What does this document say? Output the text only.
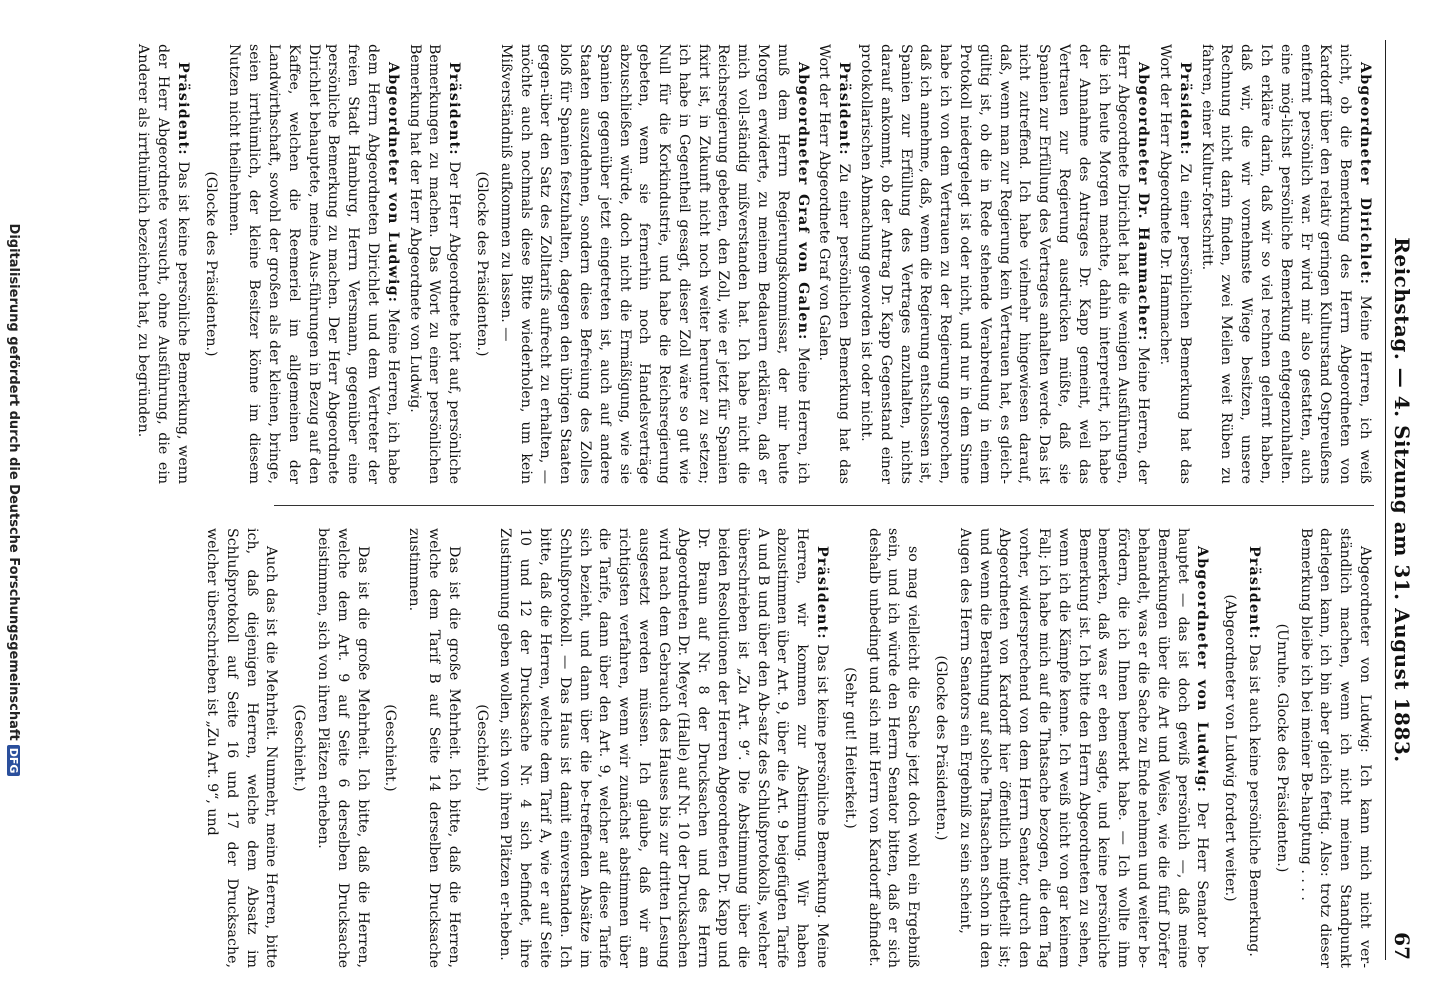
Reichstag. — 4. Sitzung am 31. August 1883.
67

Abgeordneter Dirichlet: Meine Herren, ich weiß nicht, ob die Bemerkung des Herrn Abgeordneten von Kardorff über den relativ geringen Kulturstand Ostpreußens entfernt persönlich war. Er wird mir also gestatten, auch eine mög-lichst persönliche Bemerkung entgegenzuhalten. Ich erkläre darin, daß wir so viel rechnen gelernt haben, daß wir, die wir vornehmste Wiege besitzen, unsere Rechnung nicht darin finden, zwei Meilen weit Rüben zu fahren, einer Kultur-fortschritt.

Präsident: Zu einer persönlichen Bemerkung hat das Wort der Herr Abgeordnete Dr. Hammacher.

Abgeordneter Dr. Hammacher: Meine Herren, der Herr Abgeordnete Dirichlet hat die wenigen Ausführungen, die ich heute Morgen machte, dahin interpretirt, ich habe der Annahme des Antrages Dr. Kapp gemeint, weil das Vertrauen zur Regierung ausdrücken müßte, daß sie Spanien zur Erfüllung des Vertrages anhalten werde. Das ist nicht zutreffend. Ich habe vielmehr hingewiesen darauf, daß, wenn man zur Regierung kein Vertrauen hat, es gleich-gültig ist, ob die in Rede stehende Verabredung in einem Protokoll niedergelegt ist oder nicht, und nur in dem Sinne habe ich von dem Vertrauen zu der Regierung gesprochen, daß ich annehme, daß, wenn die Regierung entschlossen ist, Spanien zur Erfüllung des Vertrages anzuhalten, nichts darauf ankommt, ob der Antrag Dr. Kapp Gegenstand einer protokollarischen Abmachung geworden ist oder nicht.

Präsident: Zu einer persönlichen Bemerkung hat das Wort der Herr Abgeordnete Graf von Galen.

Abgeordneter Graf von Galen: Meine Herren, ich muß dem Herrn Regierungskommissar, der mir heute Morgen erwiderte, zu meinem Bedauern erklären, daß er mich voll-ständig mißverstanden hat. Ich habe nicht die Reichsregierung gebeten, den Zoll, wie er jetzt für Spanien fixirt ist, in Zukunft nicht noch weiter herunter zu setzen; ich habe in Gegentheil gesagt, dieser Zoll wäre so gut wie Null für die Korkindustrie, und habe die Reichsregierung gebeten, wenn sie fernerhin noch Handelsverträge abzuschließen würde, doch nicht die Ermäßigung, wie sie Spanien gegenüber jetzt eingetreten ist, auch auf andere Staaten auszudehnen, sondern diese Befreiung des Zolles bloß für Spanien festzuhalten, dagegen den übrigen Staaten gegen-über den Satz des Zolltarifs aufrecht zu erhalten, — möchte auch nochmals diese Bitte wiederholen, um kein Mißverständniß aufkommen zu lassen. —

(Glocke des Präsidenten.)

Präsident: Der Herr Abgeordnete hört auf, persönliche Bemerkungen zu machen. Das Wort zu einer persönlichen Bemerkung hat der Herr Abgeordnete von Ludwig.

Abgeordneter von Ludwig: Meine Herren, ich habe dem Herrn Abgeordneten Dirichlet und dem Vertreter der freien Stadt Hamburg, Herrn Versmann, gegenüber eine persönliche Bemerkung zu machen. Der Herr Abgeordnete Dirichlet behauptete, meine Aus-führungen in Bezug auf den Kaffee, welchen die Reemeriel im allgemeinen der Landwirthschaft, sowohl der großen als der kleinen, bringe, seien irrthümlich, der kleine Besitzer könne im diesem Nutzen nicht theilnehmen.

(Glocke des Präsidenten.)

Präsident: Das ist keine persönliche Bemerkung, wenn der Herr Abgeordnete versucht, ohne Ausführung, die ein Anderer als irrthümlich bezeichnet hat, zu begründen.

Abgeordneter von Ludwig: Ich kann mich nicht ver-ständlich machen, wenn ich nicht meinen Standpunkt darlegen kann, ich bin aber gleich fertig. Also: trotz dieser Bemerkung bleibe ich bei meiner Be-hauptung . . . .

(Unruhe. Glocke des Präsidenten.)

Präsident: Das ist auch keine persönliche Bemerkung.

(Abgeordneter von Ludwig fordert weiter.)

Abgeordneter von Ludwig: Der Herr Senator be-hauptet — das ist doch gewiß persönlich —, daß meine Bemerkungen über die Art und Weise, wie die fünf Dörfer behandelt, was er die Sache zu Ende nehmen und weiter be-fördern, die ich Ihnen bemerkt habe. — Ich wollte ihm bemerken, daß was er eben sagte, und keine persönliche Bemerkung ist. Ich bitte den Herrn Abgeordneten zu sehen, wenn ich die Kämpfe kenne. Ich weiß nicht von gar keinem Fall; ich habe mich auf die Thatsache bezogen, die dem Tag vorher, widersprechend von dem Herrn Senator, durch den Abgeordneten von Kardorff hier öffentlich mitgetheilt ist; und wenn die Berathung auf solche Thatsachen schon in den Augen des Herrn Senators ein Ergebniß zu sein scheint,

(Glocke des Präsidenten.)

so mag vielleicht die Sache jetzt doch wohl ein Ergebniß sein, und ich würde den Herrn Senator bitten, daß er sich deshalb unbedingt und sich mit Herrn von Kardorff abfindet.

(Sehr gut! Heiterkeit.)

Präsident: Das ist keine persönliche Bemerkung. Meine Herren, wir kommen zur Abstimmung. Wir haben abzustimmen über Art. 9, über die Art. 9 beigefügten Tarife A und B und über den Ab-satz des Schlußprotokolls, welcher überschrieben ist „Zu Art. 9“. Die Abstimmung über die beiden Resolutionen der Herren Abgeordneten Dr. Kapp und Dr. Braun auf Nr. 8 der Drucksachen und des Herrn Abgeordneten Dr. Meyer (Halle) auf Nr. 10 der Drucksachen wird nach dem Gebrauch des Hauses bis zur dritten Lesung ausgesetzt werden müssen. Ich glaube, daß wir am richtigsten verfahren, wenn wir zunächst abstimmen über die Tarife, dann über den Art. 9, welcher auf diese Tarife sich bezieht, und dann über die be-treffenden Absätze im Schlußprotokoll. — Das Haus ist damit einverstanden. Ich bitte, daß die Herren, welche dem Tarif A, wie er auf Seite 10 und 12 der Drucksache Nr. 4 sich befindet, ihre Zustimmung geben wollen, sich von ihren Plätzen er-heben.

(Geschieht.)

Das ist die große Mehrheit. Ich bitte, daß die Herren, welche dem Tarif B auf Seite 14 derselben Drucksache zustimmen.

(Geschieht.)

Das ist die große Mehrheit. Ich bitte, daß die Herren, welche dem Art. 9 auf Seite 6 derselben Drucksache beistimmen, sich von ihren Plätzen erheben.

(Geschieht.)

Auch das ist die Mehrheit. Nunmehr, meine Herren, bitte ich, daß diejenigen Herren, welche dem Absatz im Schlußprotokoll auf Seite 16 und 17 der Drucksache, welcher überschrieben ist „Zu Art. 9“, und

Digitalisierung gefördert durch die Deutsche ForschungsgemeinschaftDFG
